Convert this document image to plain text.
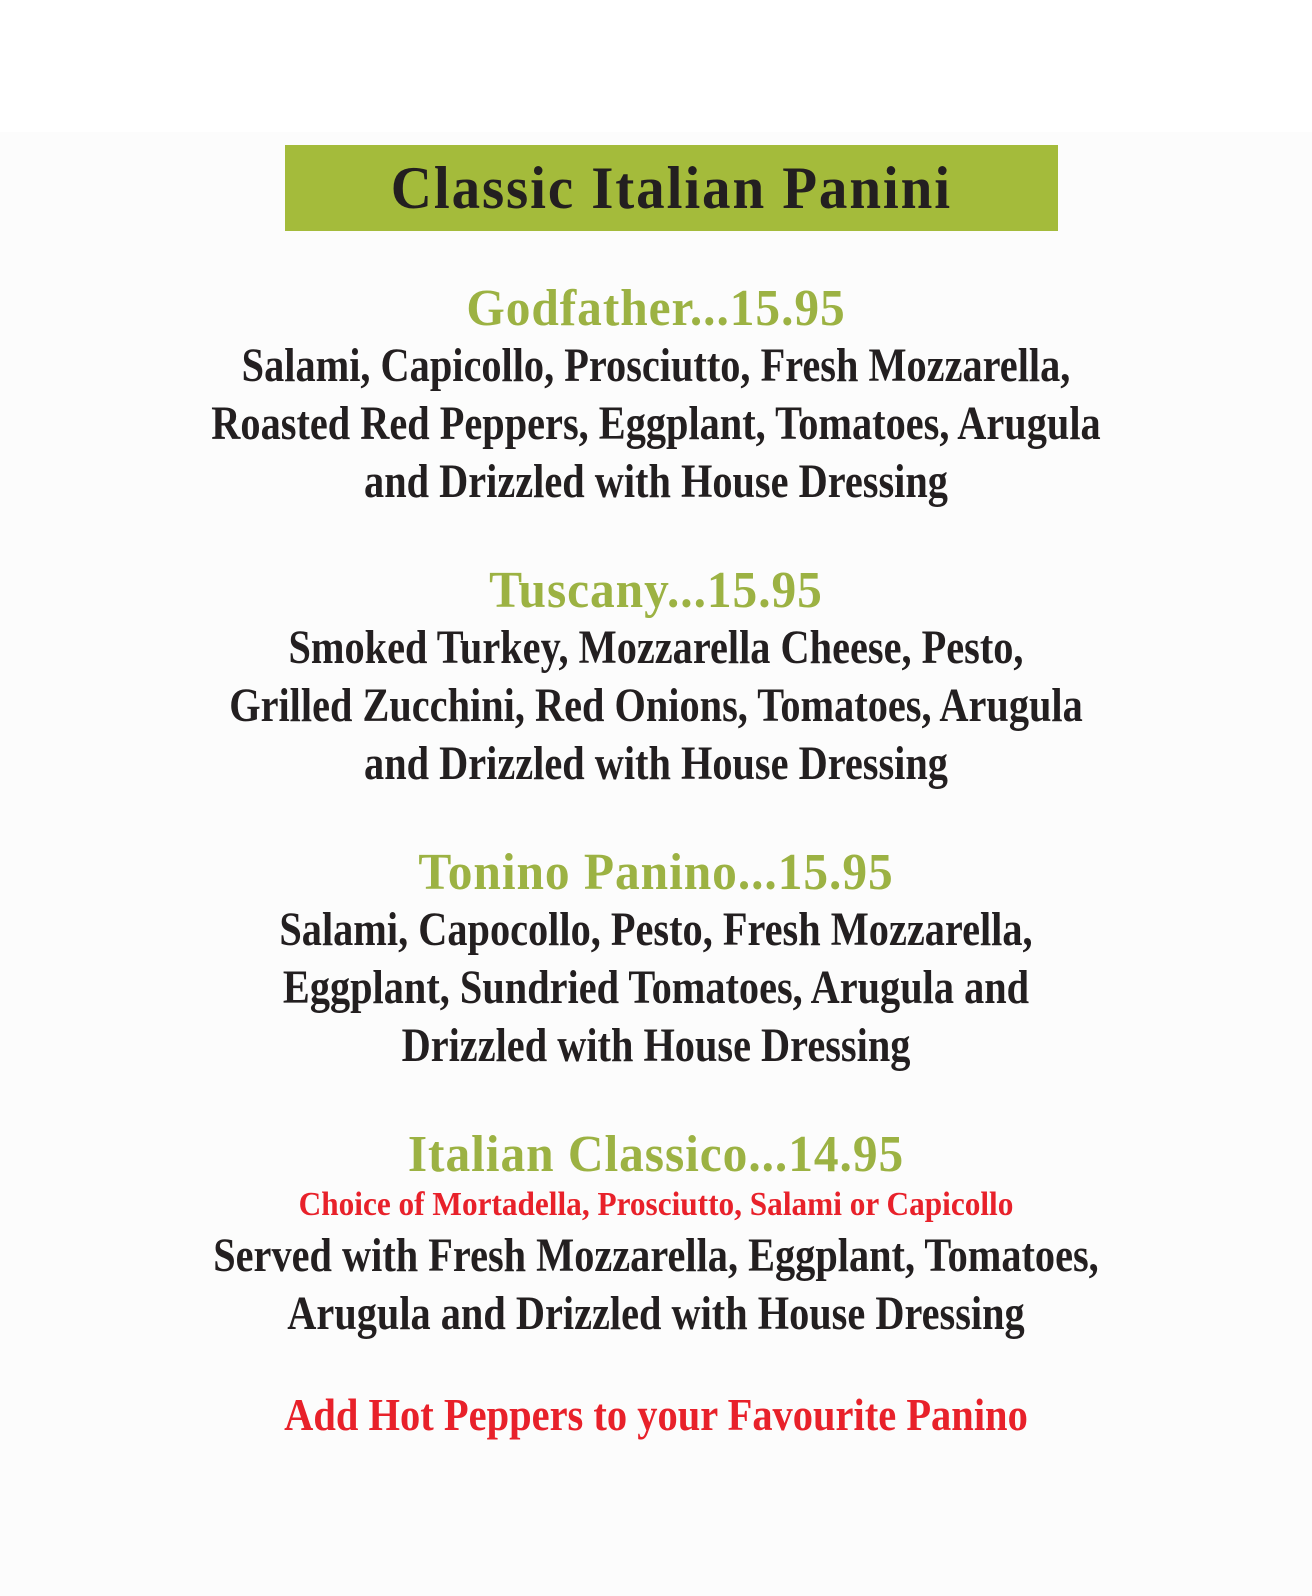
Classic Italian Panini
Godfather...15.95
Salami, Capicollo, Prosciutto, Fresh Mozzarella,
Roasted Red Peppers, Eggplant, Tomatoes, Arugula
and Drizzled with House Dressing
Tuscany...15.95
Smoked Turkey, Mozzarella Cheese, Pesto,
Grilled Zucchini, Red Onions, Tomatoes, Arugula
and Drizzled with House Dressing
Tonino Panino...15.95
Salami, Capocollo, Pesto, Fresh Mozzarella,
Eggplant, Sundried Tomatoes, Arugula and
Drizzled with House Dressing
Italian Classico...14.95
Choice of Mortadella, Prosciutto, Salami or Capicollo
Served with Fresh Mozzarella, Eggplant, Tomatoes,
Arugula and Drizzled with House Dressing
Add Hot Peppers to your Favourite Panino
